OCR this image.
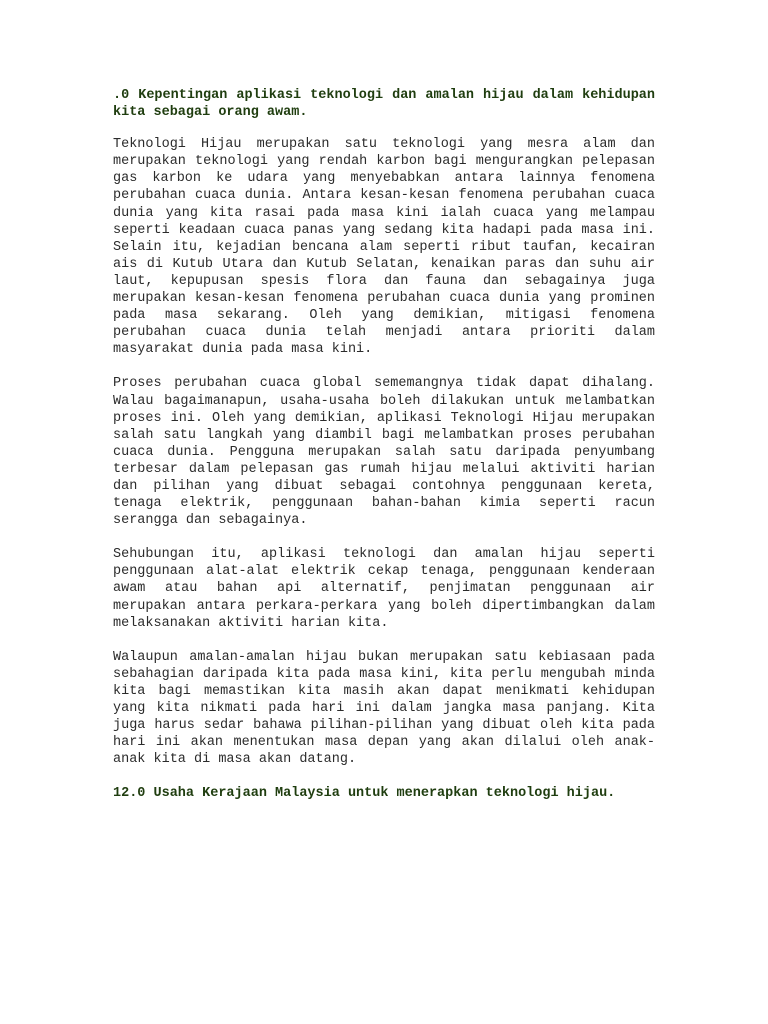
.0 Kepentingan aplikasi teknologi dan amalan hijau dalam kehidupan kita sebagai orang awam.

Teknologi Hijau merupakan satu teknologi yang mesra alam dan merupakan teknologi yang rendah karbon bagi mengurangkan pelepasan gas karbon ke udara yang menyebabkan antara lainnya fenomena perubahan cuaca dunia. Antara kesan-kesan fenomena perubahan cuaca dunia yang kita rasai pada masa kini ialah cuaca yang melampau seperti keadaan cuaca panas yang sedang kita hadapi pada masa ini. Selain itu, kejadian bencana alam seperti ribut taufan, kecairan ais di Kutub Utara dan Kutub Selatan, kenaikan paras dan suhu air laut, kepupusan spesis flora dan fauna dan sebagainya juga merupakan kesan-kesan fenomena perubahan cuaca dunia yang prominen pada masa sekarang. Oleh yang demikian, mitigasi fenomena perubahan cuaca dunia telah menjadi antara prioriti dalam masyarakat dunia pada masa kini.

Proses perubahan cuaca global sememangnya tidak dapat dihalang. Walau bagaimanapun, usaha-usaha boleh dilakukan untuk melambatkan proses ini. Oleh yang demikian, aplikasi Teknologi Hijau merupakan salah satu langkah yang diambil bagi melambatkan proses perubahan cuaca dunia. Pengguna merupakan salah satu daripada penyumbang terbesar dalam pelepasan gas rumah hijau melalui aktiviti harian dan pilihan yang dibuat sebagai contohnya penggunaan kereta, tenaga elektrik, penggunaan bahan-bahan kimia seperti racun serangga dan sebagainya.

Sehubungan itu, aplikasi teknologi dan amalan hijau seperti penggunaan alat-alat elektrik cekap tenaga, penggunaan kenderaan awam atau bahan api alternatif, penjimatan penggunaan air merupakan antara perkara-perkara yang boleh dipertimbangkan dalam melaksanakan aktiviti harian kita.

Walaupun amalan-amalan hijau bukan merupakan satu kebiasaan pada sebahagian daripada kita pada masa kini, kita perlu mengubah minda kita bagi memastikan kita masih akan dapat menikmati kehidupan yang kita nikmati pada hari ini dalam jangka masa panjang. Kita juga harus sedar bahawa pilihan-pilihan yang dibuat oleh kita pada hari ini akan menentukan masa depan yang akan dilalui oleh anak-anak kita di masa akan datang.

12.0 Usaha Kerajaan Malaysia untuk menerapkan teknologi hijau.
